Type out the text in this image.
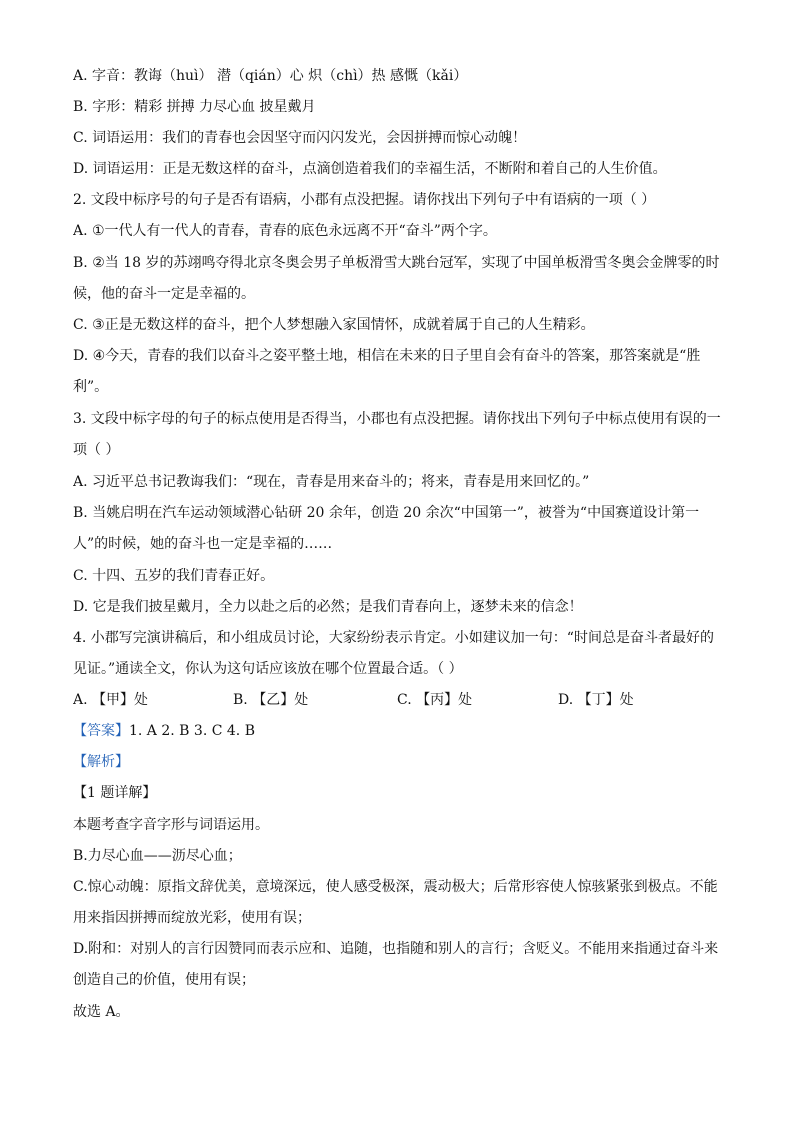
A. 字音：教诲（huì） 潜（qián）心 炽（chì）热 感慨（kǎi）
B. 字形：精彩 拼搏 力尽心血 披星戴月
C. 词语运用：我们的青春也会因坚守而闪闪发光，会因拼搏而惊心动魄！
D. 词语运用：正是无数这样的奋斗，点滴创造着我们的幸福生活，不断附和着自己的人生价值。
2. 文段中标序号的句子是否有语病，小郡有点没把握。请你找出下列句子中有语病的一项（ ）
A. ①一代人有一代人的青春，青春的底色永远离不开“奋斗”两个字。
B. ②当 18 岁的苏翊鸣夺得北京冬奥会男子单板滑雪大跳台冠军，实现了中国单板滑雪冬奥会金牌零的时
候，他的奋斗一定是幸福的。
C. ③正是无数这样的奋斗，把个人梦想融入家国情怀，成就着属于自己的人生精彩。
D. ④今天，青春的我们以奋斗之姿平整土地，相信在未来的日子里自会有奋斗的答案，那答案就是“胜
利”。
3. 文段中标字母的句子的标点使用是否得当，小郡也有点没把握。请你找出下列句子中标点使用有误的一
项（ ）
A. 习近平总书记教诲我们：“现在，青春是用来奋斗的；将来，青春是用来回忆的。”
B. 当姚启明在汽车运动领域潜心钻研 20 余年，创造 20 余次“中国第一”，被誉为“中国赛道设计第一
人”的时候，她的奋斗也一定是幸福的……
C. 十四、五岁的我们青春正好。
D. 它是我们披星戴月，全力以赴之后的必然；是我们青春向上，逐梦未来的信念！
4. 小郡写完演讲稿后，和小组成员讨论，大家纷纷表示肯定。小如建议加一句：“时间总是奋斗者最好的
见证。”通读全文，你认为这句话应该放在哪个位置最合适。（ ）
A. 【甲】处	B. 【乙】处	C. 【丙】处	D. 【丁】处
【答案】1. A 2. B 3. C 4. B
【解析】
【1 题详解】
本题考查字音字形与词语运用。
B.力尽心血——沥尽心血；
C.惊心动魄：原指文辞优美，意境深远，使人感受极深，震动极大；后常形容使人惊骇紧张到极点。不能
用来指因拼搏而绽放光彩，使用有误；
D.附和：对别人的言行因赞同而表示应和、追随，也指随和别人的言行；含贬义。不能用来指通过奋斗来
创造自己的价值，使用有误；
故选 A。
